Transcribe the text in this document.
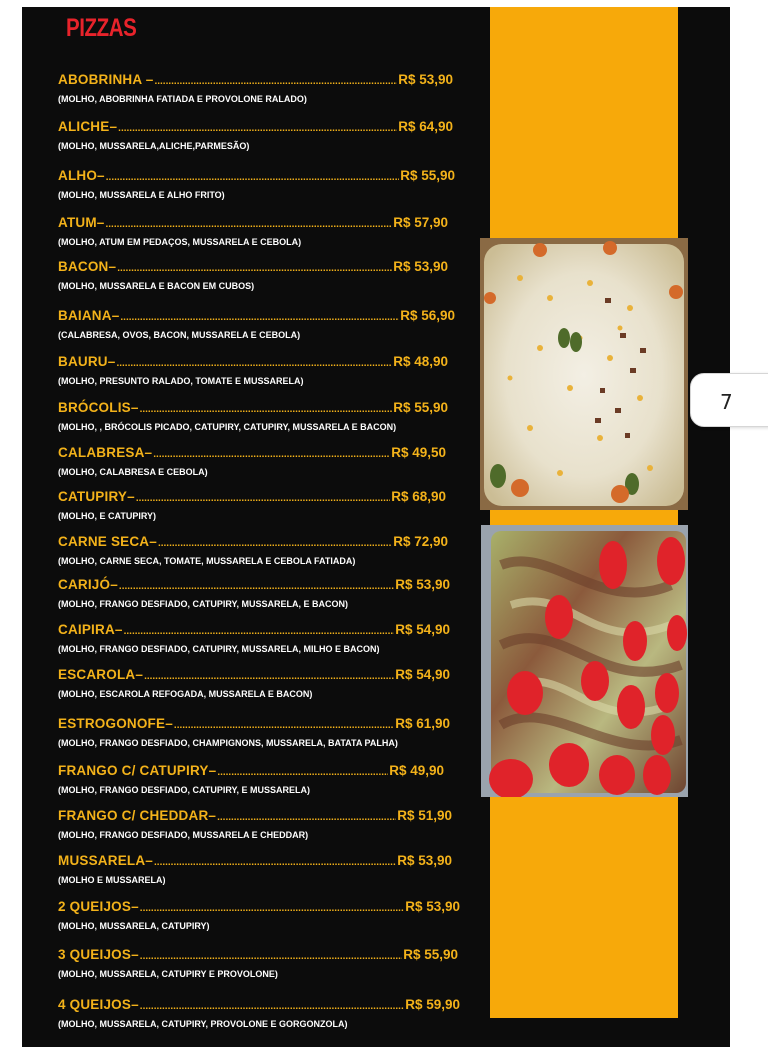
PIZZAS
ABOBRINHA – .....	R$ 53,90
(MOLHO, ABOBRINHA FATIADA E PROVOLONE RALADO)
ALICHE– .....	R$ 64,90
(MOLHO, MUSSARELA,ALICHE,PARMESÃO)
ALHO– .....	R$ 55,90
(MOLHO, MUSSARELA E ALHO FRITO)
ATUM– .....	R$ 57,90
(MOLHO, ATUM EM PEDAÇOS, MUSSARELA E CEBOLA)
BACON– .....	R$ 53,90
(MOLHO, MUSSARELA E BACON EM CUBOS)
BAIANA– .....	R$ 56,90
(CALABRESA, OVOS, BACON, MUSSARELA E CEBOLA)
BAURU– .....	R$ 48,90
(MOLHO, PRESUNTO RALADO, TOMATE E MUSSARELA)
BRÓCOLIS– .....	R$ 55,90
(MOLHO, , BRÓCOLIS PICADO, CATUPIRY, CATUPIRY, MUSSARELA E BACON)
CALABRESA– .....	R$ 49,50
(MOLHO, CALABRESA E CEBOLA)
CATUPIRY– .....	R$ 68,90
(MOLHO, E CATUPIRY)
CARNE SECA– .....	R$ 72,90
(MOLHO, CARNE SECA, TOMATE, MUSSARELA E CEBOLA FATIADA)
CARIJÓ– .....	R$ 53,90
(MOLHO, FRANGO DESFIADO, CATUPIRY, MUSSARELA, E BACON)
CAIPIRA– .....	R$ 54,90
(MOLHO, FRANGO DESFIADO, CATUPIRY, MUSSARELA, MILHO E BACON)
ESCAROLA– .....	R$ 54,90
(MOLHO, ESCAROLA REFOGADA, MUSSARELA E BACON)
ESTROGONOFE– .....	R$ 61,90
(MOLHO, FRANGO DESFIADO, CHAMPIGNONS, MUSSARELA, BATATA PALHA)
FRANGO C/ CATUPIRY– .....	R$ 49,90
(MOLHO, FRANGO DESFIADO, CATUPIRY, E MUSSARELA)
FRANGO C/ CHEDDAR– .....	R$ 51,90
(MOLHO, FRANGO DESFIADO, MUSSARELA E CHEDDAR)
MUSSARELA– .....	R$ 53,90
(MOLHO E MUSSARELA)
2 QUEIJOS– .....	R$ 53,90
(MOLHO, MUSSARELA, CATUPIRY)
3 QUEIJOS– .....	R$ 55,90
(MOLHO, MUSSARELA, CATUPIRY E PROVOLONE)
4 QUEIJOS– .....	R$ 59,90
(MOLHO, MUSSARELA, CATUPIRY, PROVOLONE E GORGONZOLA)
7
